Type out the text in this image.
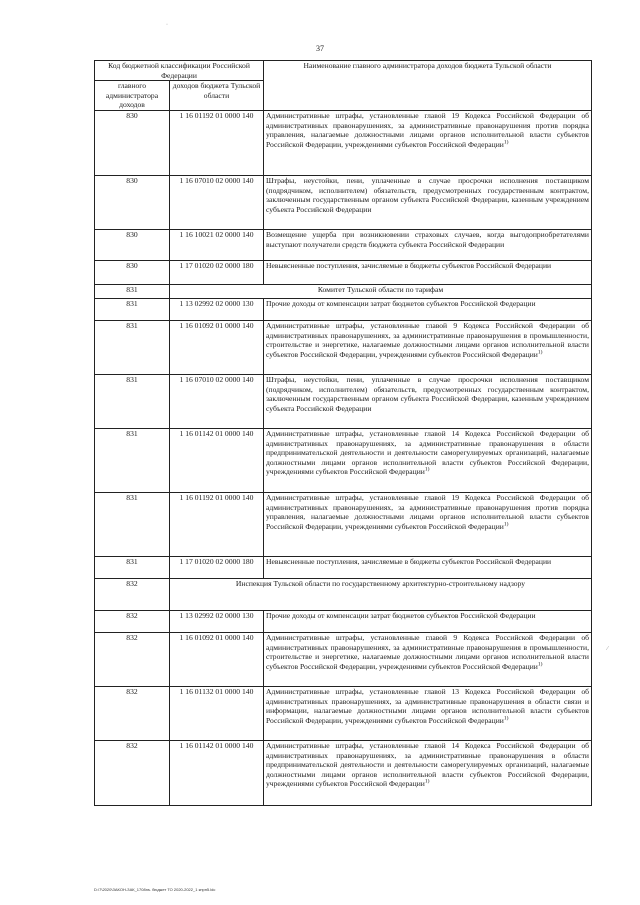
37
Код бюджетной классификации Российской Федерации		Наименование главного администратора доходов бюджета Тульской области
главного администратора доходов	доходов бюджета Тульской области	
830	1 16 01192 01 0000 140	Административные штрафы, установленные главой 19 Кодекса Российской Федерации об административных правонарушениях, за административные правонарушения против порядка управления, налагаемые должностными лицами органов исполнительной власти субъектов Российской Федерации, учреждениями субъектов Российской Федерации$^{1)}$
830	1 16 07010 02 0000 140	Штрафы, неустойки, пени, уплаченные в случае просрочки исполнения поставщиком (подрядчиком, исполнителем) обязательств, предусмотренных государственным контрактом, заключенным государственным органом субъекта Российской Федерации, казенным учреждением субъекта Российской Федерации
830	1 16 10021 02 0000 140	Возмещение ущерба при возникновении страховых случаев, когда выгодоприобретателями выступают получатели средств бюджета субъекта Российской Федерации
830	1 17 01020 02 0000 180	Невыясненные поступления, зачисляемые в бюджеты субъектов Российской Федерации
831	Комитет Тульской области по тарифам	
831	1 13 02992 02 0000 130	Прочие доходы от компенсации затрат бюджетов субъектов Российской Федерации
831	1 16 01092 01 0000 140	Административные штрафы, установленные главой 9 Кодекса Российской Федерации об административных правонарушениях, за административные правонарушения в промышленности, строительстве и энергетике, налагаемые должностными лицами органов исполнительной власти субъектов Российской Федерации, учреждениями субъектов Российской Федерации$^{1)}$
831	1 16 07010 02 0000 140	Штрафы, неустойки, пени, уплаченные в случае просрочки исполнения поставщиком (подрядчиком, исполнителем) обязательств, предусмотренных государственным контрактом, заключенным государственным органом субъекта Российской Федерации, казенным учреждением субъекта Российской Федерации
831	1 16 01142 01 0000 140	Административные штрафы, установленные главой 14 Кодекса Российской Федерации об административных правонарушениях, за административные правонарушения в области предпринимательской деятельности и деятельности саморегулируемых организаций, налагаемые должностными лицами органов исполнительной власти субъектов Российской Федерации, учреждениями субъектов Российской Федерации$^{1)}$
831	1 16 01192 01 0000 140	Административные штрафы, установленные главой 19 Кодекса Российской Федерации об административных правонарушениях, за административные правонарушения против порядка управления, налагаемые должностными лицами органов исполнительной власти субъектов Российской Федерации, учреждениями субъектов Российской Федерации$^{1)}$
831	1 17 01020 02 0000 180	Невыясненные поступления, зачисляемые в бюджеты субъектов Российской Федерации
832	Инспекция Тульской области по государственному архитектурно-строительному надзору	
832	1 13 02992 02 0000 130	Прочие доходы от компенсации затрат бюджетов субъектов Российской Федерации
832	1 16 01092 01 0000 140	Административные штрафы, установленные главой 9 Кодекса Российской Федерации об административных правонарушениях, за административные правонарушения в промышленности, строительстве и энергетике, налагаемые должностными лицами органов исполнительной власти субъектов Российской Федерации, учреждениями субъектов Российской Федерации$^{1)}$
832	1 16 01132 01 0000 140	Административные штрафы, установленные главой 13 Кодекса Российской Федерации об административных правонарушениях, за административные правонарушения в области связи и информации, налагаемые должностными лицами органов исполнительной власти субъектов Российской Федерации, учреждениями субъектов Российской Федерации$^{1)}$
832	1 16 01142 01 0000 140	Административные штрафы, установленные главой 14 Кодекса Российской Федерации об административных правонарушениях, за административные правонарушения в области предпринимательской деятельности и деятельности саморегулируемых организаций, налагаемые должностными лицами органов исполнительной власти субъектов Российской Федерации, учреждениями субъектов Российской Федерации$^{1)}$
D:\7\2020\ЗАКОН-ЗАК_1708ns. бюджет ТО 2020-2022_1 кпрп5.ldc
·
⁄
